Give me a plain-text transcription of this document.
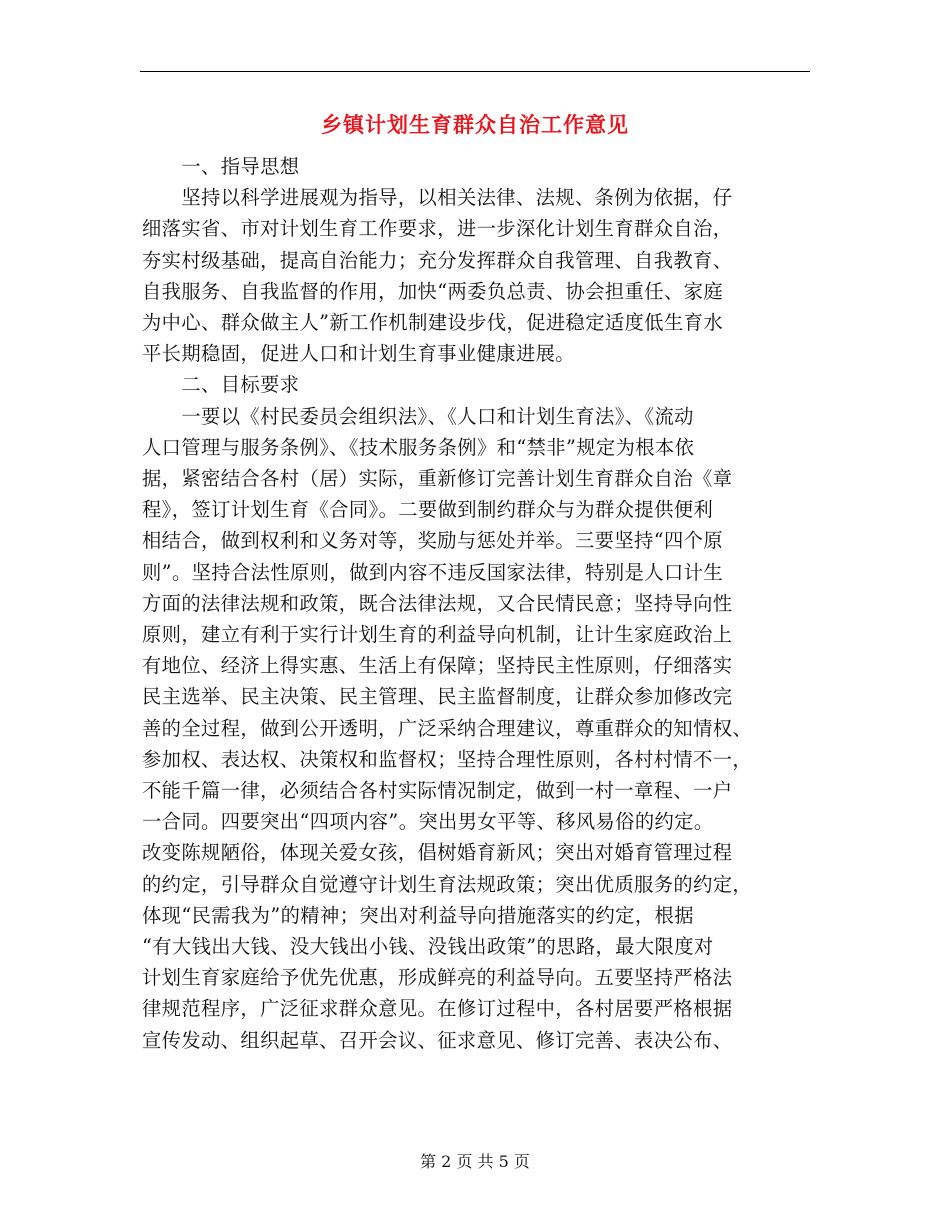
乡镇计划生育群众自治工作意见
　　一、指导思想
　　坚持以科学进展观为指导，以相关法律、法规、条例为依据，仔
细落实省、市对计划生育工作要求，进一步深化计划生育群众自治，
夯实村级基础，提高自治能力；充分发挥群众自我管理、自我教育、
自我服务、自我监督的作用，加快“两委负总责、协会担重任、家庭
为中心、群众做主人”新工作机制建设步伐，促进稳定适度低生育水
平长期稳固，促进人口和计划生育事业健康进展。
　　二、目标要求
　　一要以《村民委员会组织法》、《人口和计划生育法》、《流动
人口管理与服务条例》、《技术服务条例》和“禁非”规定为根本依
据，紧密结合各村（居）实际，重新修订完善计划生育群众自治《章
程》，签订计划生育《合同》。二要做到制约群众与为群众提供便利
相结合，做到权利和义务对等，奖励与惩处并举。三要坚持“四个原
则”。坚持合法性原则，做到内容不违反国家法律，特别是人口计生
方面的法律法规和政策，既合法律法规，又合民情民意；坚持导向性
原则，建立有利于实行计划生育的利益导向机制，让计生家庭政治上
有地位、经济上得实惠、生活上有保障；坚持民主性原则，仔细落实
民主选举、民主决策、民主管理、民主监督制度，让群众参加修改完
善的全过程，做到公开透明，广泛采纳合理建议，尊重群众的知情权、
参加权、表达权、决策权和监督权；坚持合理性原则，各村村情不一，
不能千篇一律，必须结合各村实际情况制定，做到一村一章程、一户
一合同。四要突出“四项内容”。突出男女平等、移风易俗的约定。
改变陈规陋俗，体现关爱女孩，倡树婚育新风；突出对婚育管理过程
的约定，引导群众自觉遵守计划生育法规政策；突出优质服务的约定，
体现“民需我为”的精神；突出对利益导向措施落实的约定，根据
“有大钱出大钱、没大钱出小钱、没钱出政策”的思路，最大限度对
计划生育家庭给予优先优惠，形成鲜亮的利益导向。五要坚持严格法
律规范程序，广泛征求群众意见。在修订过程中，各村居要严格根据
宣传发动、组织起草、召开会议、征求意见、修订完善、表决公布、
第 2 页 共 5 页
